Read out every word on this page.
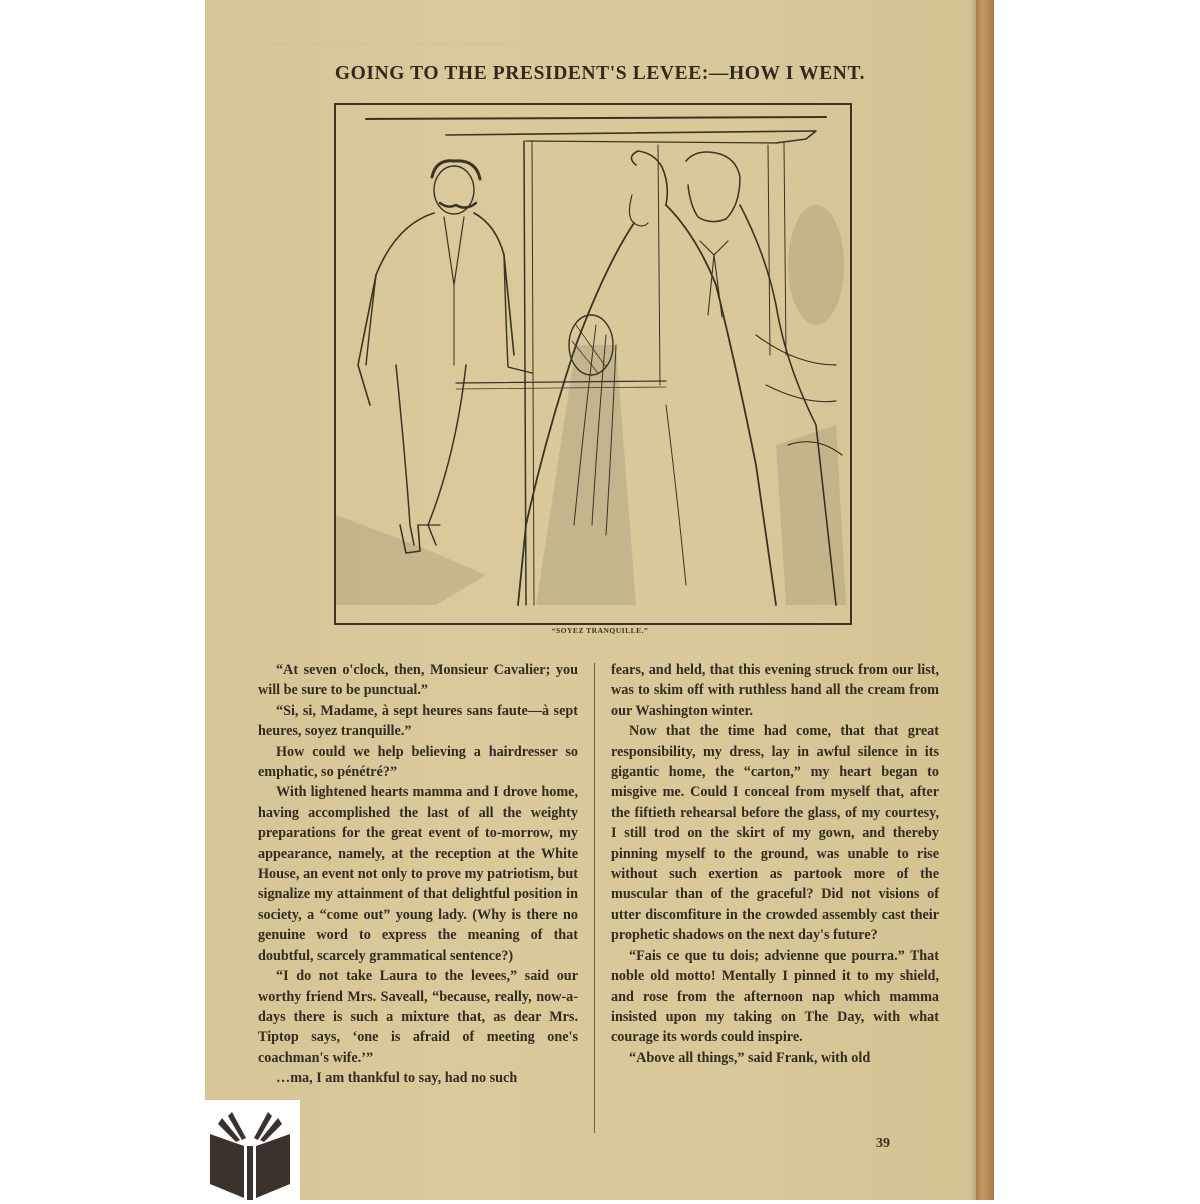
·········· ················ ·········· ······················
GOING TO THE PRESIDENT'S LEVEE:—HOW I WENT.
“SOYEZ TRANQUILLE.”

“At seven o'clock, then, Monsieur Cavalier; you will be sure to be punctual.”

“Si, si, Madame, à sept heures sans faute—à sept heures, soyez tranquille.”

How could we help believing a hairdresser so emphatic, so pénétré?”

With lightened hearts mamma and I drove home, having accomplished the last of all the weighty preparations for the great event of to-morrow, my appearance, namely, at the reception at the White House, an event not only to prove my patriotism, but signalize my attainment of that delightful position in society, a “come out” young lady. (Why is there no genuine word to express the meaning of that doubtful, scarcely grammatical sentence?)

“I do not take Laura to the levees,” said our worthy friend Mrs. Saveall, “because, really, now-a-days there is such a mixture that, as dear Mrs. Tiptop says, ‘one is afraid of meeting one's coachman's wife.’”

…ma, I am thankful to say, had no such

fears, and held, that this evening struck from our list, was to skim off with ruthless hand all the cream from our Washington winter.

Now that the time had come, that that great responsibility, my dress, lay in awful silence in its gigantic home, the “carton,” my heart began to misgive me. Could I conceal from myself that, after the fiftieth rehearsal before the glass, of my courtesy, I still trod on the skirt of my gown, and thereby pinning myself to the ground, was unable to rise without such exertion as partook more of the muscular than of the graceful? Did not visions of utter discomfiture in the crowded assembly cast their prophetic shadows on the next day's future?

“Fais ce que tu dois; advienne que pourra.” That noble old motto! Mentally I pinned it to my shield, and rose from the afternoon nap which mamma insisted upon my taking on The Day, with what courage its words could inspire.

“Above all things,” said Frank, with old

39
